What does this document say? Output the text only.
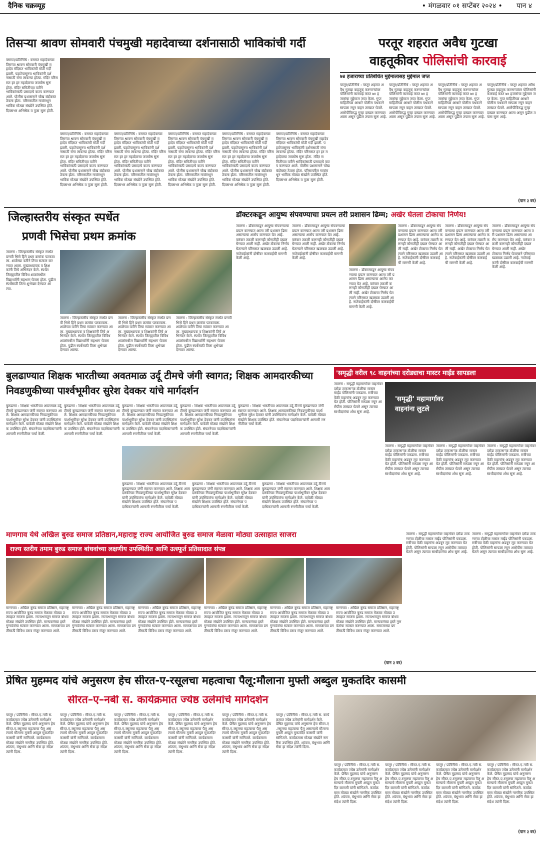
दैनिक चक्रव्यूह	• मंगळवार ०१ सप्टेंबर २०२४ • पान ४
तिसऱ्या श्रावण सोमवारी पंचमुखी महादेवाच्या दर्शनासाठी भाविकांची गर्दी
वसमत/प्रतिनिधि : वसमत महादेवाच्या तिसऱ्या श्रावण सोमवारी पंचमुखी महादेव मंदिरात भाविकांची मोठी गर्दी झाली. पहाटेपासूनच भाविकांनी दर्शनासाठी रांगा लावल्या होत्या. मंदिर परिसरात हर हर महादेवाचा जयघोष सुरू होता. मंदिर समितीच्या वतीने भाविकांसाठी प्रसादाचे वाटप करण्यात आले. पोलीस प्रशासनाने चोख बंदोबस्त ठेवला होता. परिसरातील गावांमधून भाविक मोठ्या संख्येने उपस्थित होते. दिवसभर अभिषेक व पूजा सुरू होती.
वसमत/प्रतिनिधि : वसमत महादेवाच्या तिसऱ्या श्रावण सोमवारी पंचमुखी महादेव मंदिरात भाविकांची मोठी गर्दी झाली. पहाटेपासूनच भाविकांनी दर्शनासाठी रांगा लावल्या होत्या. मंदिर परिसरात हर हर महादेवाचा जयघोष सुरू होता. मंदिर समितीच्या वतीने भाविकांसाठी प्रसादाचे वाटप करण्यात आले. पोलीस प्रशासनाने चोख बंदोबस्त ठेवला होता. परिसरातील गावांमधून भाविक मोठ्या संख्येने उपस्थित होते. दिवसभर अभिषेक व पूजा सुरू होती.
वसमत/प्रतिनिधि : वसमत महादेवाच्या तिसऱ्या श्रावण सोमवारी पंचमुखी महादेव मंदिरात भाविकांची मोठी गर्दी झाली. पहाटेपासूनच भाविकांनी दर्शनासाठी रांगा लावल्या होत्या. मंदिर परिसरात हर हर महादेवाचा जयघोष सुरू होता. मंदिर समितीच्या वतीने भाविकांसाठी प्रसादाचे वाटप करण्यात आले. पोलीस प्रशासनाने चोख बंदोबस्त ठेवला होता. परिसरातील गावांमधून भाविक मोठ्या संख्येने उपस्थित होते. दिवसभर अभिषेक व पूजा सुरू होती.
वसमत/प्रतिनिधि : वसमत महादेवाच्या तिसऱ्या श्रावण सोमवारी पंचमुखी महादेव मंदिरात भाविकांची मोठी गर्दी झाली. पहाटेपासूनच भाविकांनी दर्शनासाठी रांगा लावल्या होत्या. मंदिर परिसरात हर हर महादेवाचा जयघोष सुरू होता. मंदिर समितीच्या वतीने भाविकांसाठी प्रसादाचे वाटप करण्यात आले. पोलीस प्रशासनाने चोख बंदोबस्त ठेवला होता. परिसरातील गावांमधून भाविक मोठ्या संख्येने उपस्थित होते. दिवसभर अभिषेक व पूजा सुरू होती.
वसमत/प्रतिनिधि : वसमत महादेवाच्या तिसऱ्या श्रावण सोमवारी पंचमुखी महादेव मंदिरात भाविकांची मोठी गर्दी झाली. पहाटेपासूनच भाविकांनी दर्शनासाठी रांगा लावल्या होत्या. मंदिर परिसरात हर हर महादेवाचा जयघोष सुरू होता. मंदिर समितीच्या वतीने भाविकांसाठी प्रसादाचे वाटप करण्यात आले. पोलीस प्रशासनाने चोख बंदोबस्त ठेवला होता. परिसरातील गावांमधून भाविक मोठ्या संख्येने उपस्थित होते. दिवसभर अभिषेक व पूजा सुरू होती.
वसमत/प्रतिनिधि : वसमत महादेवाच्या तिसऱ्या श्रावण सोमवारी पंचमुखी महादेव मंदिरात भाविकांची मोठी गर्दी झाली. पहाटेपासूनच भाविकांनी दर्शनासाठी रांगा लावल्या होत्या. मंदिर परिसरात हर हर महादेवाचा जयघोष सुरू होता. मंदिर समितीच्या वतीने भाविकांसाठी प्रसादाचे वाटप करण्यात आले. पोलीस प्रशासनाने चोख बंदोबस्त ठेवला होता. परिसरातील गावांमधून भाविक मोठ्या संख्येने उपस्थित होते. दिवसभर अभिषेक व पूजा सुरू होती.
परतूर शहरात अवैध गुटखा
वाहतूकीवर पोलिसांची कारवाई
७४ हजाराच्या प्रतिबंधित मुद्देमालासह मुद्देमाल जप्त
परतूर/प्रतिनिधि : परतूर शहरात अवैध गुटखा वाहतूक करणाऱ्यांवर पोलिसांनी कारवाई करत ७४ हजारांचा मुद्देमाल जप्त केला. गुप्त माहितीच्या आधारे पोलीस पथकाने सापळा रचून वाहन ताब्यात घेतले. आरोपीविरुद्ध गुन्हा दाखल करण्यात आला असून पुढील तपास सुरू आहे.
परतूर/प्रतिनिधि : परतूर शहरात अवैध गुटखा वाहतूक करणाऱ्यांवर पोलिसांनी कारवाई करत ७४ हजारांचा मुद्देमाल जप्त केला. गुप्त माहितीच्या आधारे पोलीस पथकाने सापळा रचून वाहन ताब्यात घेतले. आरोपीविरुद्ध गुन्हा दाखल करण्यात आला असून पुढील तपास सुरू आहे.
परतूर/प्रतिनिधि : परतूर शहरात अवैध गुटखा वाहतूक करणाऱ्यांवर पोलिसांनी कारवाई करत ७४ हजारांचा मुद्देमाल जप्त केला. गुप्त माहितीच्या आधारे पोलीस पथकाने सापळा रचून वाहन ताब्यात घेतले. आरोपीविरुद्ध गुन्हा दाखल करण्यात आला असून पुढील तपास सुरू आहे.
परतूर/प्रतिनिधि : परतूर शहरात अवैध गुटखा वाहतूक करणाऱ्यांवर पोलिसांनी कारवाई करत ७४ हजारांचा मुद्देमाल जप्त केला. गुप्त माहितीच्या आधारे पोलीस पथकाने सापळा रचून वाहन ताब्यात घेतले. आरोपीविरुद्ध गुन्हा दाखल करण्यात आला असून पुढील तपास सुरू आहे.
(पान ३ वर)
जिल्हास्तरीय संस्कृत स्पर्धेत
प्रणवी भिसेचा प्रथम क्रमांक
जालना : जिल्हास्तरीय संस्कृत स्पर्धेत प्रणवी भिसे हिने प्रथम क्रमांक पटकावला. शाळेच्या वतीने तिचा सत्कार करण्यात आला. मुख्याध्यापक व शिक्षकांनी तिचे अभिनंदन केले. स्पर्धेत जिल्ह्यातील विविध शाळांमधील विद्यार्थ्यांनी सहभाग घेतला होता. पुढील स्पर्धेसाठी तिला शुभेच्छा देण्यात आल्या.
जालना : जिल्हास्तरीय संस्कृत स्पर्धेत प्रणवी भिसे हिने प्रथम क्रमांक पटकावला. शाळेच्या वतीने तिचा सत्कार करण्यात आला. मुख्याध्यापक व शिक्षकांनी तिचे अभिनंदन केले. स्पर्धेत जिल्ह्यातील विविध शाळांमधील विद्यार्थ्यांनी सहभाग घेतला होता. पुढील स्पर्धेसाठी तिला शुभेच्छा देण्यात आल्या.
जालना : जिल्हास्तरीय संस्कृत स्पर्धेत प्रणवी भिसे हिने प्रथम क्रमांक पटकावला. शाळेच्या वतीने तिचा सत्कार करण्यात आला. मुख्याध्यापक व शिक्षकांनी तिचे अभिनंदन केले. स्पर्धेत जिल्ह्यातील विविध शाळांमधील विद्यार्थ्यांनी सहभाग घेतला होता. पुढील स्पर्धेसाठी तिला शुभेच्छा देण्यात आल्या.
जालना : जिल्हास्तरीय संस्कृत स्पर्धेत प्रणवी भिसे हिने प्रथम क्रमांक पटकावला. शाळेच्या वतीने तिचा सत्कार करण्यात आला. मुख्याध्यापक व शिक्षकांनी तिचे अभिनंदन केले. स्पर्धेत जिल्ह्यातील विविध शाळांमधील विद्यार्थ्यांनी सहभाग घेतला होता. पुढील स्पर्धेसाठी तिला शुभेच्छा देण्यात आल्या.
डॉक्टरकडून आयुष्य संपवण्याचा प्रयत्न तरी प्रशासन ढिम्म; अखेर घेतला टोकाचा निर्णय!
जालना : डॉक्टरकडून आयुष्य संपवण्याचा प्रयत्न करण्यात आला तरी प्रशासन ढिम्म असल्याचा आरोप करण्यात येत आहे. वारंवार तक्रारी करूनही कोणतीही दखल घेण्यात आली नाही. अखेर टोकाचा निर्णय घेतल्याने परिसरात खळबळ उडाली आहे. नातेवाईकांनी दोषींवर कारवाईची मागणी केली आहे.
जालना : डॉक्टरकडून आयुष्य संपवण्याचा प्रयत्न करण्यात आला तरी प्रशासन ढिम्म असल्याचा आरोप करण्यात येत आहे. वारंवार तक्रारी करूनही कोणतीही दखल घेण्यात आली नाही. अखेर टोकाचा निर्णय घेतल्याने परिसरात खळबळ उडाली आहे. नातेवाईकांनी दोषींवर कारवाईची मागणी केली आहे.
जालना : डॉक्टरकडून आयुष्य संपवण्याचा प्रयत्न करण्यात आला तरी प्रशासन ढिम्म असल्याचा आरोप करण्यात येत आहे. वारंवार तक्रारी करूनही कोणतीही दखल घेण्यात आली नाही. अखेर टोकाचा निर्णय घेतल्याने परिसरात खळबळ उडाली आहे. नातेवाईकांनी दोषींवर कारवाईची मागणी केली आहे.
जालना : डॉक्टरकडून आयुष्य संपवण्याचा प्रयत्न करण्यात आला तरी प्रशासन ढिम्म असल्याचा आरोप करण्यात येत आहे. वारंवार तक्रारी करूनही कोणतीही दखल घेण्यात आली नाही. अखेर टोकाचा निर्णय घेतल्याने परिसरात खळबळ उडाली आहे. नातेवाईकांनी दोषींवर कारवाईची मागणी केली आहे.
जालना : डॉक्टरकडून आयुष्य संपवण्याचा प्रयत्न करण्यात आला तरी प्रशासन ढिम्म असल्याचा आरोप करण्यात येत आहे. वारंवार तक्रारी करूनही कोणतीही दखल घेण्यात आली नाही. अखेर टोकाचा निर्णय घेतल्याने परिसरात खळबळ उडाली आहे. नातेवाईकांनी दोषींवर कारवाईची मागणी केली आहे.
जालना : डॉक्टरकडून आयुष्य संपवण्याचा प्रयत्न करण्यात आला तरी प्रशासन ढिम्म असल्याचा आरोप करण्यात येत आहे. वारंवार तक्रारी करूनही कोणतीही दखल घेण्यात आली नाही. अखेर टोकाचा निर्णय घेतल्याने परिसरात खळबळ उडाली आहे. नातेवाईकांनी दोषींवर कारवाईची मागणी केली आहे.
बुलढाण्यात शिक्षक भारतीच्या अवतमाळ उर्दू टीमचे जंगी स्वागत; शिक्षक आमदारकीच्या निवडणुकीच्या पार्श्वभूमीवर सुरेश देवकर यांचे मार्गदर्शन
बुलढाणा : शिक्षक भारतीच्या अवतमाळ उर्दू टीमचे बुलढाण्यात जंगी स्वागत करण्यात आले. शिक्षक आमदारकीच्या निवडणुकीच्या पार्श्वभूमीवर सुरेश देवकर यांनी उपस्थितांना मार्गदर्शन केले. यावेळी मोठ्या संख्येने शिक्षक उपस्थित होते. संघटनेच्या पदाधिकाऱ्यांनी आगामी रणनीतीवर चर्चा केली.
बुलढाणा : शिक्षक भारतीच्या अवतमाळ उर्दू टीमचे बुलढाण्यात जंगी स्वागत करण्यात आले. शिक्षक आमदारकीच्या निवडणुकीच्या पार्श्वभूमीवर सुरेश देवकर यांनी उपस्थितांना मार्गदर्शन केले. यावेळी मोठ्या संख्येने शिक्षक उपस्थित होते. संघटनेच्या पदाधिकाऱ्यांनी आगामी रणनीतीवर चर्चा केली.
बुलढाणा : शिक्षक भारतीच्या अवतमाळ उर्दू टीमचे बुलढाण्यात जंगी स्वागत करण्यात आले. शिक्षक आमदारकीच्या निवडणुकीच्या पार्श्वभूमीवर सुरेश देवकर यांनी उपस्थितांना मार्गदर्शन केले. यावेळी मोठ्या संख्येने शिक्षक उपस्थित होते. संघटनेच्या पदाधिकाऱ्यांनी आगामी रणनीतीवर चर्चा केली.
बुलढाणा : शिक्षक भारतीच्या अवतमाळ उर्दू टीमचे बुलढाण्यात जंगी स्वागत करण्यात आले. शिक्षक आमदारकीच्या निवडणुकीच्या पार्श्वभूमीवर सुरेश देवकर यांनी उपस्थितांना मार्गदर्शन केले. यावेळी मोठ्या संख्येने शिक्षक उपस्थित होते. संघटनेच्या पदाधिकाऱ्यांनी आगामी रणनीतीवर चर्चा केली.
बुलढाणा : शिक्षक भारतीच्या अवतमाळ उर्दू टीमचे बुलढाण्यात जंगी स्वागत करण्यात आले. शिक्षक आमदारकीच्या निवडणुकीच्या पार्श्वभूमीवर सुरेश देवकर यांनी उपस्थितांना मार्गदर्शन केले. यावेळी मोठ्या संख्येने शिक्षक उपस्थित होते. संघटनेच्या पदाधिकाऱ्यांनी आगामी रणनीतीवर चर्चा केली.
बुलढाणा : शिक्षक भारतीच्या अवतमाळ उर्दू टीमचे बुलढाण्यात जंगी स्वागत करण्यात आले. शिक्षक आमदारकीच्या निवडणुकीच्या पार्श्वभूमीवर सुरेश देवकर यांनी उपस्थितांना मार्गदर्शन केले. यावेळी मोठ्या संख्येने शिक्षक उपस्थित होते. संघटनेच्या पदाधिकाऱ्यांनी आगामी रणनीतीवर चर्चा केली.
बुलढाणा : शिक्षक भारतीच्या अवतमाळ उर्दू टीमचे बुलढाण्यात जंगी स्वागत करण्यात आले. शिक्षक आमदारकीच्या निवडणुकीच्या पार्श्वभूमीवर सुरेश देवकर यांनी उपस्थितांना मार्गदर्शन केले. यावेळी मोठ्या संख्येने शिक्षक उपस्थित होते. संघटनेच्या पदाधिकाऱ्यांनी आगामी रणनीतीवर चर्चा केली.
बुलढाणा : शिक्षक भारतीच्या अवतमाळ उर्दू टीमचे बुलढाण्यात जंगी स्वागत करण्यात आले. शिक्षक आमदारकीच्या निवडणुकीच्या पार्श्वभूमीवर सुरेश देवकर यांनी उपस्थितांना मार्गदर्शन केले. यावेळी मोठ्या संख्येने शिक्षक उपस्थित होते. संघटनेच्या पदाधिकाऱ्यांनी आगामी रणनीतीवर चर्चा केली.
'समृद्धी वरील ९८ वाहनांच्या दरोड्याचा मास्टर माईंड सापडला
'समृद्धी' महामार्गावर
वाहनांना लुटले
जालना : समृद्धी महामार्गावर वाहनांवर दरोडा टाकणाऱ्या टोळीचा मास्टर माईंड पोलिसांनी पकडला. रात्रीच्या वेळी वाहनांना अडवून लूट करण्यात येत होती. पोलिसांनी सापळा रचून आरोपीस ताब्यात घेतले असून त्याच्या साथीदारांचा शोध सुरू आहे.
जालना : समृद्धी महामार्गावर वाहनांवर दरोडा टाकणाऱ्या टोळीचा मास्टर माईंड पोलिसांनी पकडला. रात्रीच्या वेळी वाहनांना अडवून लूट करण्यात येत होती. पोलिसांनी सापळा रचून आरोपीस ताब्यात घेतले असून त्याच्या साथीदारांचा शोध सुरू आहे.
जालना : समृद्धी महामार्गावर वाहनांवर दरोडा टाकणाऱ्या टोळीचा मास्टर माईंड पोलिसांनी पकडला. रात्रीच्या वेळी वाहनांना अडवून लूट करण्यात येत होती. पोलिसांनी सापळा रचून आरोपीस ताब्यात घेतले असून त्याच्या साथीदारांचा शोध सुरू आहे.
जालना : समृद्धी महामार्गावर वाहनांवर दरोडा टाकणाऱ्या टोळीचा मास्टर माईंड पोलिसांनी पकडला. रात्रीच्या वेळी वाहनांना अडवून लूट करण्यात येत होती. पोलिसांनी सापळा रचून आरोपीस ताब्यात घेतले असून त्याच्या साथीदारांचा शोध सुरू आहे.
माणगाव येथे अखिल बुरुड समाज प्रतिष्ठान,महाराष्ट्र राज्य आयोजित बुरुड समाज मेळावा मोठ्या उत्साहात साजरा
राज्य स्तरीय तमाम बुरुड समाज बांधवांच्या लक्षणीय उपस्थितीत आणि उत्स्फूर्त प्रतिसादात संपन्न
माणगाव : अखिल बुरुड समाज प्रतिष्ठान, महाराष्ट्र राज्य आयोजित बुरुड समाज मेळावा मोठ्या उत्साहात साजरा झाला. राज्यभरातून समाज बांधव मोठ्या संख्येने उपस्थित होते. मान्यवरांच्या हस्ते गुणवंतांचा सत्कार करण्यात आला. समाजाच्या प्रगतीसाठी विविध ठराव मंजूर करण्यात आले.
माणगाव : अखिल बुरुड समाज प्रतिष्ठान, महाराष्ट्र राज्य आयोजित बुरुड समाज मेळावा मोठ्या उत्साहात साजरा झाला. राज्यभरातून समाज बांधव मोठ्या संख्येने उपस्थित होते. मान्यवरांच्या हस्ते गुणवंतांचा सत्कार करण्यात आला. समाजाच्या प्रगतीसाठी विविध ठराव मंजूर करण्यात आले.
माणगाव : अखिल बुरुड समाज प्रतिष्ठान, महाराष्ट्र राज्य आयोजित बुरुड समाज मेळावा मोठ्या उत्साहात साजरा झाला. राज्यभरातून समाज बांधव मोठ्या संख्येने उपस्थित होते. मान्यवरांच्या हस्ते गुणवंतांचा सत्कार करण्यात आला. समाजाच्या प्रगतीसाठी विविध ठराव मंजूर करण्यात आले.
माणगाव : अखिल बुरुड समाज प्रतिष्ठान, महाराष्ट्र राज्य आयोजित बुरुड समाज मेळावा मोठ्या उत्साहात साजरा झाला. राज्यभरातून समाज बांधव मोठ्या संख्येने उपस्थित होते. मान्यवरांच्या हस्ते गुणवंतांचा सत्कार करण्यात आला. समाजाच्या प्रगतीसाठी विविध ठराव मंजूर करण्यात आले.
माणगाव : अखिल बुरुड समाज प्रतिष्ठान, महाराष्ट्र राज्य आयोजित बुरुड समाज मेळावा मोठ्या उत्साहात साजरा झाला. राज्यभरातून समाज बांधव मोठ्या संख्येने उपस्थित होते. मान्यवरांच्या हस्ते गुणवंतांचा सत्कार करण्यात आला. समाजाच्या प्रगतीसाठी विविध ठराव मंजूर करण्यात आले.
माणगाव : अखिल बुरुड समाज प्रतिष्ठान, महाराष्ट्र राज्य आयोजित बुरुड समाज मेळावा मोठ्या उत्साहात साजरा झाला. राज्यभरातून समाज बांधव मोठ्या संख्येने उपस्थित होते. मान्यवरांच्या हस्ते गुणवंतांचा सत्कार करण्यात आला. समाजाच्या प्रगतीसाठी विविध ठराव मंजूर करण्यात आले.
(पान ३ वर)
जालना : समृद्धी महामार्गावर वाहनांवर दरोडा टाकणाऱ्या टोळीचा मास्टर माईंड पोलिसांनी पकडला. रात्रीच्या वेळी वाहनांना अडवून लूट करण्यात येत होती. पोलिसांनी सापळा रचून आरोपीस ताब्यात घेतले असून त्याच्या साथीदारांचा शोध सुरू आहे.
जालना : समृद्धी महामार्गावर वाहनांवर दरोडा टाकणाऱ्या टोळीचा मास्टर माईंड पोलिसांनी पकडला. रात्रीच्या वेळी वाहनांना अडवून लूट करण्यात येत होती. पोलिसांनी सापळा रचून आरोपीस ताब्यात घेतले असून त्याच्या साथीदारांचा शोध सुरू आहे.
प्रेषित मुहम्मद यांचे अनुसरण हेच सीरत-ए-रसूलचा महत्वाचा पैलू:मौलाना मुफ्ती अब्दुल मुकतदिर कासमी
सीरत–ए–नबी स. कार्यक्रमात ज्येष्ठ उलेमांचे मार्गदर्शन
परतूर / प्रतिनिधि : सीरत-ए-नबी स. कार्यक्रमात ज्येष्ठ उलेमांनी मार्गदर्शन केले. प्रेषित मुहम्मद यांचे अनुसरण हेच सीरत-ए-रसूलचा महत्वाचा पैलू असल्याचे मौलाना मुफ्ती अब्दुल मुकतदिर कासमी यांनी सांगितले. कार्यक्रमास मोठ्या संख्येने नागरिक उपस्थित होते. शांतता, बंधुभाव आणि सेवा हा संदेश त्यांनी दिला.
परतूर / प्रतिनिधि : सीरत-ए-नबी स. कार्यक्रमात ज्येष्ठ उलेमांनी मार्गदर्शन केले. प्रेषित मुहम्मद यांचे अनुसरण हेच सीरत-ए-रसूलचा महत्वाचा पैलू असल्याचे मौलाना मुफ्ती अब्दुल मुकतदिर कासमी यांनी सांगितले. कार्यक्रमास मोठ्या संख्येने नागरिक उपस्थित होते. शांतता, बंधुभाव आणि सेवा हा संदेश त्यांनी दिला.
परतूर / प्रतिनिधि : सीरत-ए-नबी स. कार्यक्रमात ज्येष्ठ उलेमांनी मार्गदर्शन केले. प्रेषित मुहम्मद यांचे अनुसरण हेच सीरत-ए-रसूलचा महत्वाचा पैलू असल्याचे मौलाना मुफ्ती अब्दुल मुकतदिर कासमी यांनी सांगितले. कार्यक्रमास मोठ्या संख्येने नागरिक उपस्थित होते. शांतता, बंधुभाव आणि सेवा हा संदेश त्यांनी दिला.
परतूर / प्रतिनिधि : सीरत-ए-नबी स. कार्यक्रमात ज्येष्ठ उलेमांनी मार्गदर्शन केले. प्रेषित मुहम्मद यांचे अनुसरण हेच सीरत-ए-रसूलचा महत्वाचा पैलू असल्याचे मौलाना मुफ्ती अब्दुल मुकतदिर कासमी यांनी सांगितले. कार्यक्रमास मोठ्या संख्येने नागरिक उपस्थित होते. शांतता, बंधुभाव आणि सेवा हा संदेश त्यांनी दिला.
परतूर / प्रतिनिधि : सीरत-ए-नबी स. कार्यक्रमात ज्येष्ठ उलेमांनी मार्गदर्शन केले. प्रेषित मुहम्मद यांचे अनुसरण हेच सीरत-ए-रसूलचा महत्वाचा पैलू असल्याचे मौलाना मुफ्ती अब्दुल मुकतदिर कासमी यांनी सांगितले. कार्यक्रमास मोठ्या संख्येने नागरिक उपस्थित होते. शांतता, बंधुभाव आणि सेवा हा संदेश त्यांनी दिला.
परतूर / प्रतिनिधि : सीरत-ए-नबी स. कार्यक्रमात ज्येष्ठ उलेमांनी मार्गदर्शन केले. प्रेषित मुहम्मद यांचे अनुसरण हेच सीरत-ए-रसूलचा महत्वाचा पैलू असल्याचे मौलाना मुफ्ती अब्दुल मुकतदिर कासमी यांनी सांगितले. कार्यक्रमास मोठ्या संख्येने नागरिक उपस्थित होते. शांतता, बंधुभाव आणि सेवा हा संदेश त्यांनी दिला.
परतूर / प्रतिनिधि : सीरत-ए-नबी स. कार्यक्रमात ज्येष्ठ उलेमांनी मार्गदर्शन केले. प्रेषित मुहम्मद यांचे अनुसरण हेच सीरत-ए-रसूलचा महत्वाचा पैलू असल्याचे मौलाना मुफ्ती अब्दुल मुकतदिर कासमी यांनी सांगितले. कार्यक्रमास मोठ्या संख्येने नागरिक उपस्थित होते. शांतता, बंधुभाव आणि सेवा हा संदेश त्यांनी दिला.
परतूर / प्रतिनिधि : सीरत-ए-नबी स. कार्यक्रमात ज्येष्ठ उलेमांनी मार्गदर्शन केले. प्रेषित मुहम्मद यांचे अनुसरण हेच सीरत-ए-रसूलचा महत्वाचा पैलू असल्याचे मौलाना मुफ्ती अब्दुल मुकतदिर कासमी यांनी सांगितले. कार्यक्रमास मोठ्या संख्येने नागरिक उपस्थित होते. शांतता, बंधुभाव आणि सेवा हा संदेश त्यांनी दिला.
परतूर / प्रतिनिधि : सीरत-ए-नबी स. कार्यक्रमात ज्येष्ठ उलेमांनी मार्गदर्शन केले. प्रेषित मुहम्मद यांचे अनुसरण हेच सीरत-ए-रसूलचा महत्वाचा पैलू असल्याचे मौलाना मुफ्ती अब्दुल मुकतदिर कासमी यांनी सांगितले. कार्यक्रमास मोठ्या संख्येने नागरिक उपस्थित होते. शांतता, बंधुभाव आणि सेवा हा संदेश त्यांनी दिला.
परतूर / प्रतिनिधि : सीरत-ए-नबी स. कार्यक्रमात ज्येष्ठ उलेमांनी मार्गदर्शन केले. प्रेषित मुहम्मद यांचे अनुसरण हेच सीरत-ए-रसूलचा महत्वाचा पैलू असल्याचे मौलाना मुफ्ती अब्दुल मुकतदिर कासमी यांनी सांगितले. कार्यक्रमास मोठ्या संख्येने नागरिक उपस्थित होते. शांतता, बंधुभाव आणि सेवा हा संदेश त्यांनी दिला.
(पान ३ वर)
